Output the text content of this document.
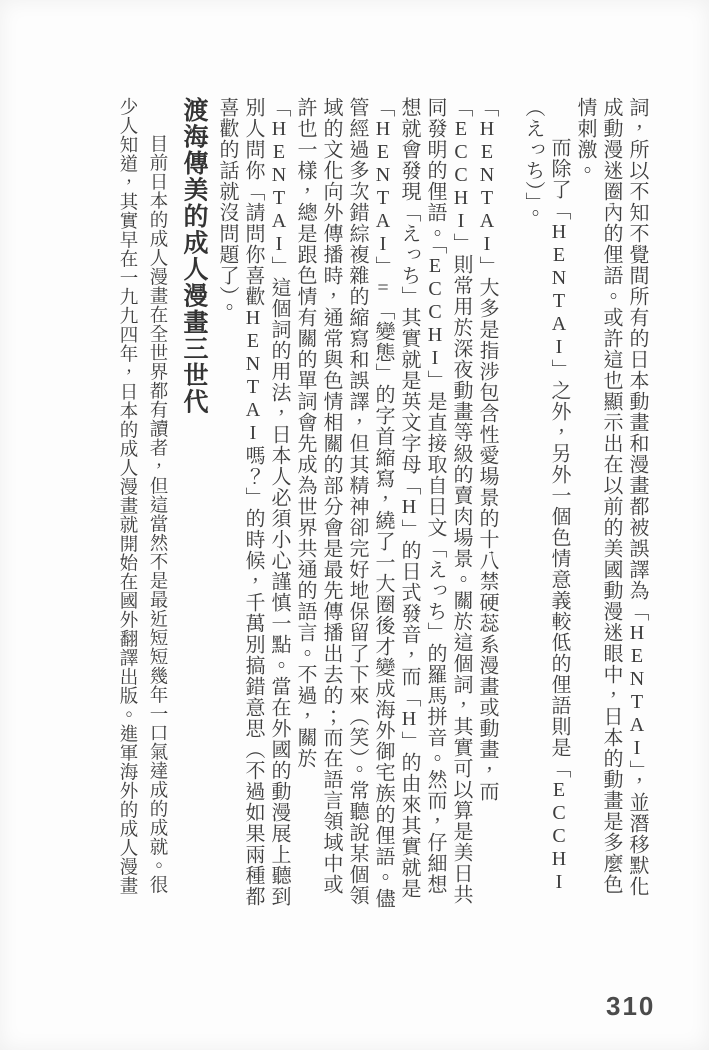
詞，所以不知不覺間所有的日本動畫和漫畫都被誤譯為「HENTAI」，並潛移默化成動漫迷圈內的俚語。或許這也顯示出在以前的美國動漫迷眼中，日本的動畫是多麼色情刺激。

而除了「HENTAI」之外，另外一個色情意義較低的俚語則是「ECCHI（えっち）」。

「HENTAI」大多是指涉包含性愛場景的十八禁硬蕊系漫畫或動畫，而「ECCHI」則常用於深夜動畫等級的賣肉場景。關於這個詞，其實可以算是美日共同發明的俚語。「ECCHI」是直接取自日文「えっち」的羅馬拼音。然而，仔細想想就會發現「えっち」其實就是英文字母「H」的日式發音，而「H」的由來其實就是「HENTAI」=「變態」的字首縮寫，繞了一大圈後才變成海外御宅族的俚語。儘管經過多次錯綜複雜的縮寫和誤譯，但其精神卻完好地保留了下來（笑）。常聽說某個領域的文化向外傳播時，通常與色情相關的部分會是最先傳播出去的；而在語言領域中或許也一樣，總是跟色情有關的單詞會先成為世界共通的語言。不過，關於「HENTAI」這個詞的用法，日本人必須小心謹慎一點。當在外國的動漫展上聽到別人問你「請問你喜歡HENTAI嗎？」的時候，千萬別搞錯意思（不過如果兩種都喜歡的話就沒問題了）。

渡海傳美的成人漫畫三世代

目前日本的成人漫畫在全世界都有讀者，但這當然不是最近短短幾年一口氣達成的成就。很少人知道，其實早在一九九四年，日本的成人漫畫就開始在國外翻譯出版。進軍海外的成人漫畫

310
